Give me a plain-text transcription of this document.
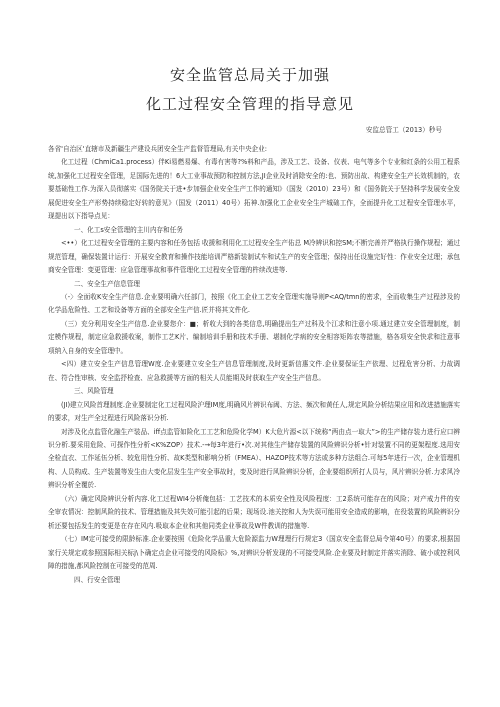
安全监管总局关于加强
化工过程安全管理的指导意见
安监总管工（2013）秒号

各省'自治区'直辖市及新疆生产建设兵团安全生产监督管理局,有关中央企业:

化工过程（ChmiCa1.process）伴Ki易燃易爆、有毒有害等?%料和产品，涉及工艺、设备、仪表、电气等多个专业和红条的公用工程系统,加强化工过程安全管理，足国际先进的！6大工业事故预防和控制方法,JI企业及时消除安全的:也、预防出故、构建安全生产长效机制的，农要基础性工作.为深入员彻落实《国务院关于进•步加强企业安全生产工作的通知》（国发（2010）23号）和《国务院关于坚持科学发展安全发展促进安全生产形势持续稳定好转的意见》（国发（2011）40号）拓神.加强化工企业安全生产城础工作，全面提升化工过程安全管理水平，现提出以下指导点见：

一、化工s安全管理的主川内存和任务

<••）化工过程安全管理的主要内容和任务包括 收援和利用化工过程安全生产佑总 M冷辨识和控SM;不断完善并严格执行操作规程；通过规范管理，确保装置计运行：开展安全教育和操作技能培训严格新装制试车和试生产的安全管理；保持出任设施完好性：作业安全过理；承包商安全管理：变更管理：应急管理事故和事件管理化工过程安全管理的杵续改进等.

二、安全生产信息管理

（-〉全面收K安全生产信息.企业要明确六任部门，按照《化工企业工艺安全管理实施导则P<AQ/tmn的密求，全而收集生产过程涉及的化学品危险性、工艺和设备等方面的全部安全生产信.匠并将其文件化.

（三）充分利用安全生产信息.企业要您介：■；析收大到的各类信息,明确提出生产过科及个江求和注意小项.通过建立安全管理制度，制定模作规程，制定应急救援收案，制作工艺K片、编制培训手册和技术手册、堪制化学病的安全相容矩阵农等措施，格各项安全快求和注意事项纳入自身的安全管理中。

<四）建立安全生产信息管理W度.企业要建立安全生产信息管理制度,及时更新信惠文件.企业要保证生产依理、过程危害分析、力故调在、符合性审核、安全监抒检查、应急救援等方面的相关人员能期及时获取生产安全生产信息。

三、风险管理

(JI)建立风险首理制度.企业要制定化工过程风险沪理IM度,明确风片辨识布阈、方法、频次和黄任人,规定风险分析结果应用和改进措施落实的要求，对生产全过程进行风险落识分析.

对涉及化点监管化融生产装品、iff点监管如险化工工艺和危险化学M）K大危片源<以下统称“两由点一取大”>的生产储存装力进行应口辨识分析.要采用危险、可探作性分析<K%ZOP）技术.-→每3年进行•次.对其他生产储存装置的风险辨识分析•针对装置不同的更架程度.选用安全检直衣、工作延伍分析、较危用性分析、故K类型和影响分析（FMEA）、HAZOP技术等方法或多种方法组合.可每5年进行一次，企业管理机构、人员构成、生产装置等发生由大变化层发生生产安全事故时，变及时进行风险辨识分析，企业要组织所打人员与，风片辨识分析.力求风冷辨识分析全覆於.

（六）确定风险辨识分析内容.化工过程WI4分析俺包括：工艺技术的本质安全性及风险程度：工2系统可能存在的风险；对产戒力件的安全审农情况：控制风险的技术、管理措施及其失效可能引起的后果；现场设.池关控和人为失误可能用安全造成的影响，在役装置的风险辨识分析还要包括发生的变更是在存在风内.吸取本企业和其他同类企业事故及W件教训的措施等.

（七）IM定可接受的限龄标准.企业要按照《危险化学品重大危险源监力W理理行行规定3（国京安全监督总局令第40号）的要求,根据国家行关规定或参照国际相关标j\卜确定点企业可接受的风险标》%,对辨识分析发现的不可接受风险.企业要及时制定并落实消除、破小或控利风障的措施,都风险控制在可接受的范周.

四、行安全管理
